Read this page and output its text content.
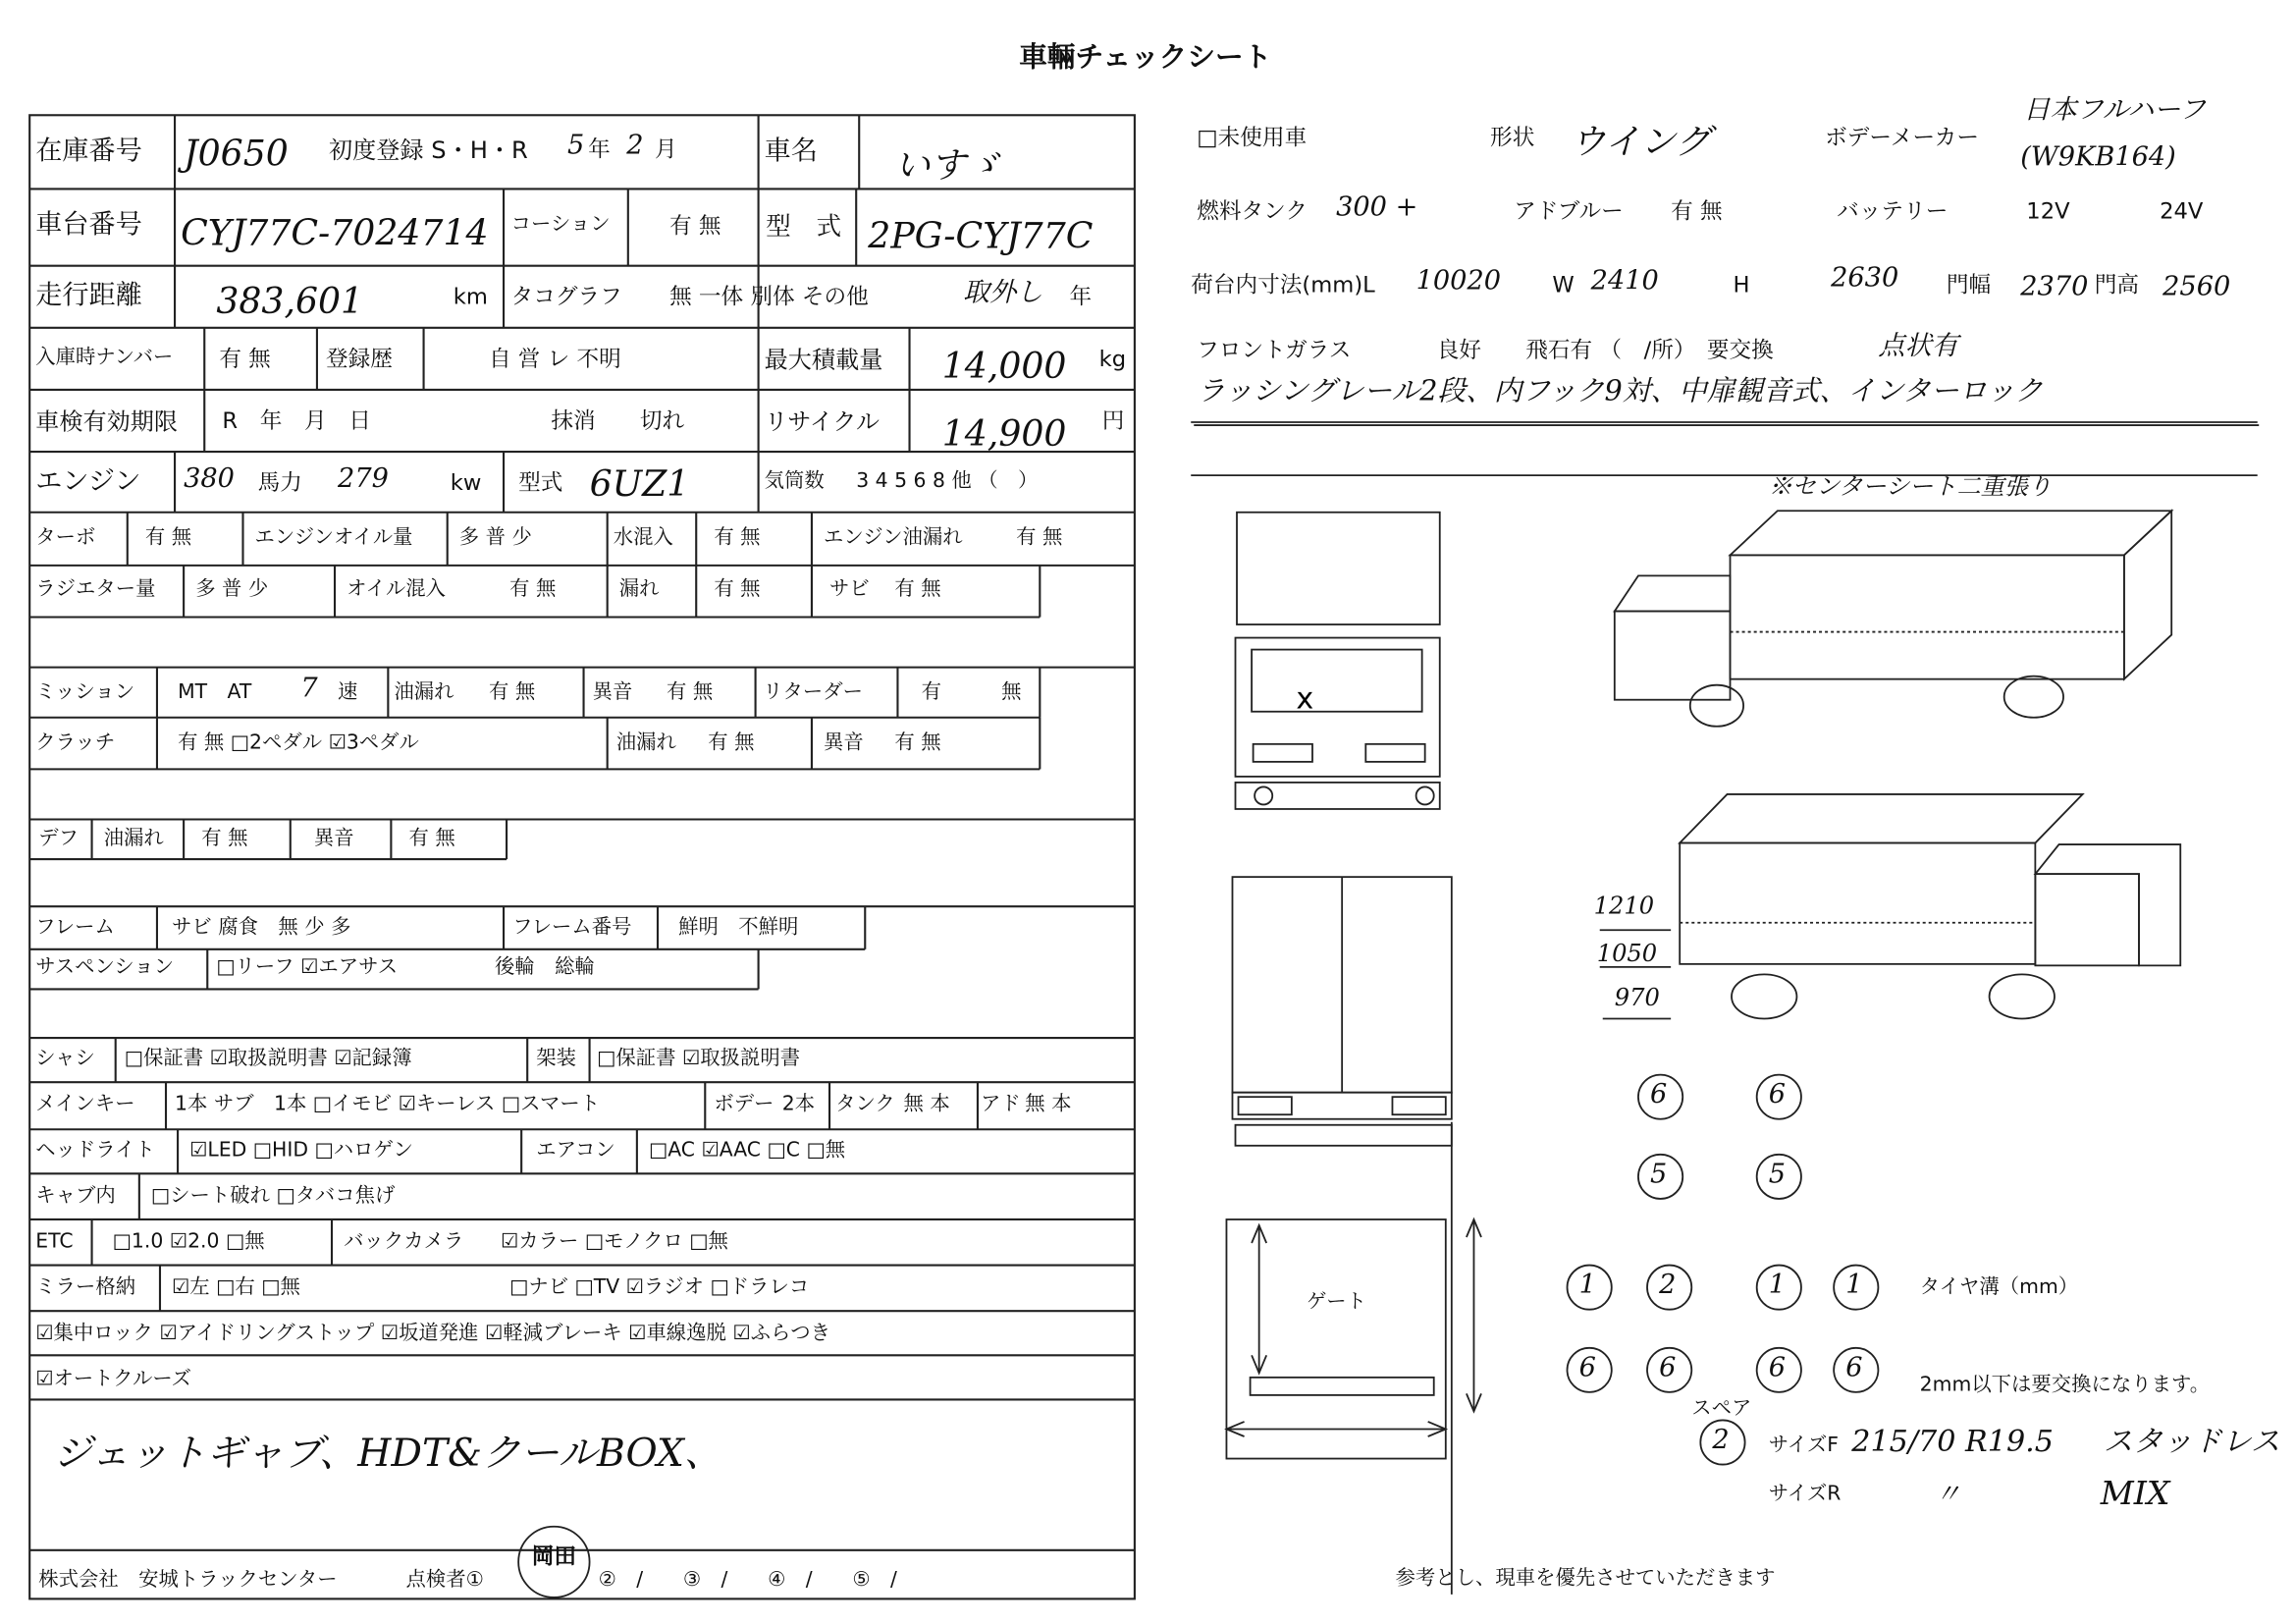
車輛チェックシート
x
在庫番号 J0650	初度登録 S・H・R 5 年 2 月	車名	いすゞ
車台番号 CYJ77C-7024714 コーション	有 無	型　式 2PG-CYJ77C
走行距離	383,601	km タコグラフ	無 一体 別体 その他	取外し 年
入庫時ナンバー	有 無	登録歴	自 営 レ 不明	最大積載量	14,000 kg
車検有効期限	R　年　月　日	抹消　　切れ	リサイクル	14,900 円
エンジン 380 馬力 279	kw	型式 6UZ1	気筒数 3 4 5 6 8 他 （　）
ターボ	有 無	エンジンオイル量	多 普 少	水混入	有 無	エンジン油漏れ	有 無
ラジエター量	多 普 少	オイル混入	有 無	漏れ	有 無	サビ 有 無
ミッション	MT　AT	7 速	油漏れ	有 無	異音	有 無	リターダー	有　　　無
クラッチ	有 無 □2ペダル ☑3ペダル	油漏れ 有 無	異音 有 無
デフ 油漏れ	有 無	異音	有 無
フレーム	サビ 腐食　無 少 多	フレーム番号	鮮明　不鮮明
サスペンション	□リーフ ☑エアサス	後輪　総輪
シャシ □保証書 ☑取扱説明書 ☑記録簿	架装 □保証書 ☑取扱説明書
メインキー	1本 サブ　1本 □イモビ ☑キーレス □スマート	ボデー 2本 タンク 無 本 アド 無 本
ヘッドライト	☑LED □HID □ハロゲン	エアコン	□AC ☑AAC □C □無
キャブ内	□シート破れ □タバコ焦げ
ETC	□1.0 ☑2.0 □無	バックカメラ	☑カラー □モノクロ □無
ミラー格納	☑左 □右 □無	□ナビ □TV ☑ラジオ □ドラレコ
☑集中ロック ☑アイドリングストップ ☑坂道発進 ☑軽減ブレーキ ☑車線逸脱 ☑ふらつき
☑オートクルーズ
ジェットギャブ、HDT&クールBOX、
株式会社　安城トラックセンター	点検者①
岡田
②　/　　③　/　　④　/　　⑤　/
□未使用車	形状 ウイング	ボデーメーカー
日本フルハーフ
(W9KB164)
燃料タンク 300 +	アドブルー	有 無	バッテリー	12V	24V
荷台内寸法(mm)L 10020	W 2410	H	2630	門幅 2370 門高 2560
フロントガラス	良好　　飛石有 （　/所）　要交換	点状有
ラッシングレール2段、内フック9対、中扉観音式、インターロック
※センターシート二重張り
ゲート
1210
1050
970
6	6
5	5
1	2	1	1
6	6	6	6
タイヤ溝（mm）
2mm以下は要交換になります。
スペア
2	サイズF 215/70 R19.5	スタッドレス
サイズR	〃	MIX
参考とし、現車を優先させていただきます
